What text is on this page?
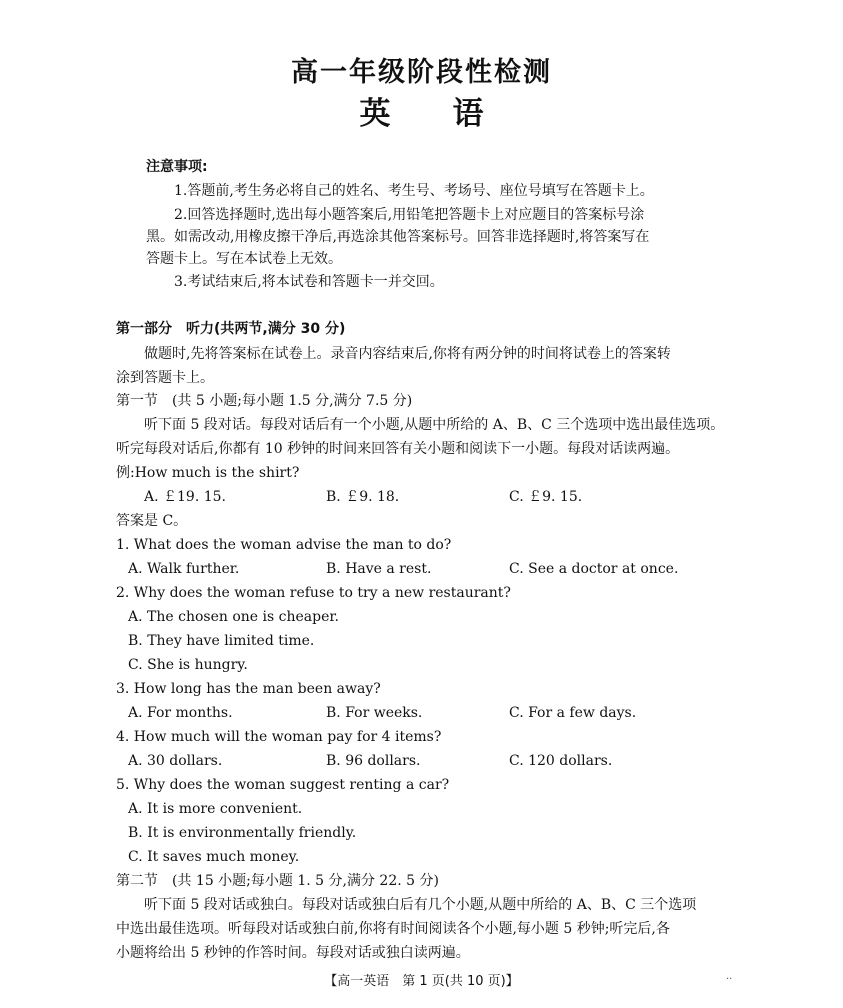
高一年级阶段性检测
英语
注意事项:
1.答题前,考生务必将自己的姓名、考生号、考场号、座位号填写在答题卡上。
2.回答选择题时,选出每小题答案后,用铅笔把答题卡上对应题目的答案标号涂
黑。如需改动,用橡皮擦干净后,再选涂其他答案标号。回答非选择题时,将答案写在
答题卡上。写在本试卷上无效。
3.考试结束后,将本试卷和答题卡一并交回。
第一部分　听力(共两节,满分 30 分)
做题时,先将答案标在试卷上。录音内容结束后,你将有两分钟的时间将试卷上的答案转
涂到答题卡上。
第一节　(共 5 小题;每小题 1.5 分,满分 7.5 分)
听下面 5 段对话。每段对话后有一个小题,从题中所给的 A、B、C 三个选项中选出最佳选项。
听完每段对话后,你都有 10 秒钟的时间来回答有关小题和阅读下一小题。每段对话读两遍。
例:How much is the shirt?
A. ￡19. 15.	B. ￡9. 18.	C. ￡9. 15.
答案是 C。
1. What does the woman advise the man to do?
A. Walk further.	B. Have a rest.	C. See a doctor at once.
2. Why does the woman refuse to try a new restaurant?
A. The chosen one is cheaper.
B. They have limited time.
C. She is hungry.
3. How long has the man been away?
A. For months.	B. For weeks.	C. For a few days.
4. How much will the woman pay for 4 items?
A. 30 dollars.	B. 96 dollars.	C. 120 dollars.
5. Why does the woman suggest renting a car?
A. It is more convenient.
B. It is environmentally friendly.
C. It saves much money.
第二节　(共 15 小题;每小题 1. 5 分,满分 22. 5 分)
听下面 5 段对话或独白。每段对话或独白后有几个小题,从题中所给的 A、B、C 三个选项
中选出最佳选项。听每段对话或独白前,你将有时间阅读各个小题,每小题 5 秒钟;听完后,各
小题将给出 5 秒钟的作答时间。每段对话或独白读两遍。
【高一英语　第 1 页(共 10 页)】	··
